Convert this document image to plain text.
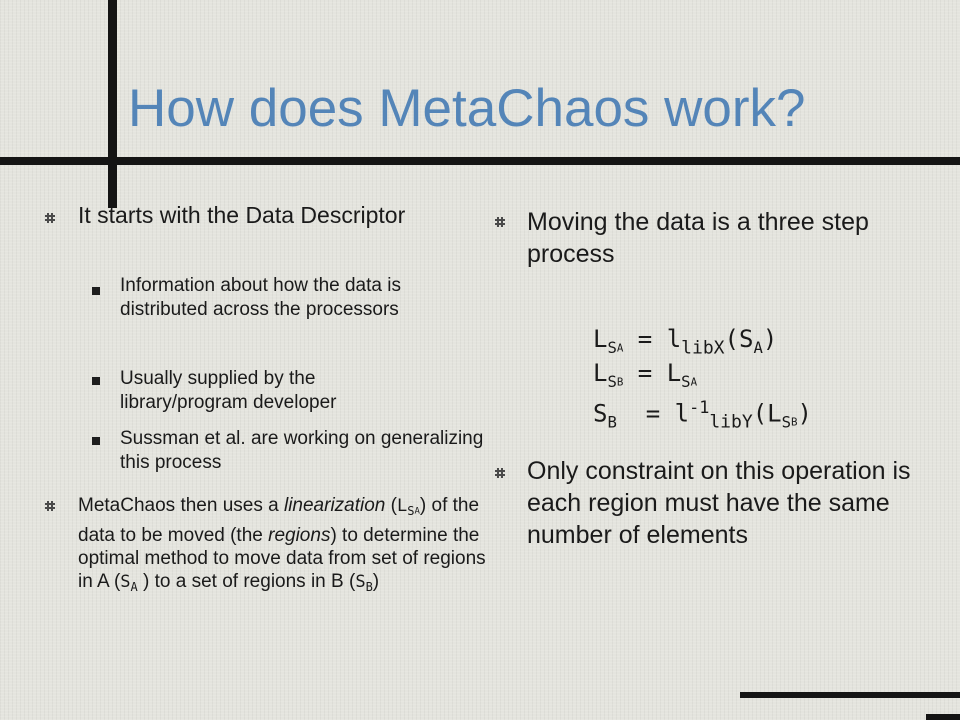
How does MetaChaos work?
It starts with the Data Descriptor
Information about how the data is distributed across the processors
Usually supplied by the library/program developer
Sussman et al. are working on generalizing this process
MetaChaos then uses a linearization $(L_SA)$ of the data to be moved (the regions) to determine the optimal method to move data from set of regions in A ($S_A$ ) to a set of regions in B $(S_B)$
Moving the data is a three step process
$L_SA = l_{libX}(S_A)$
$L_SB = L_SA$
$S_B = l^{-1}_{libY}(L_SB)$
Only constraint on this operation is each region must have the same number of elements
